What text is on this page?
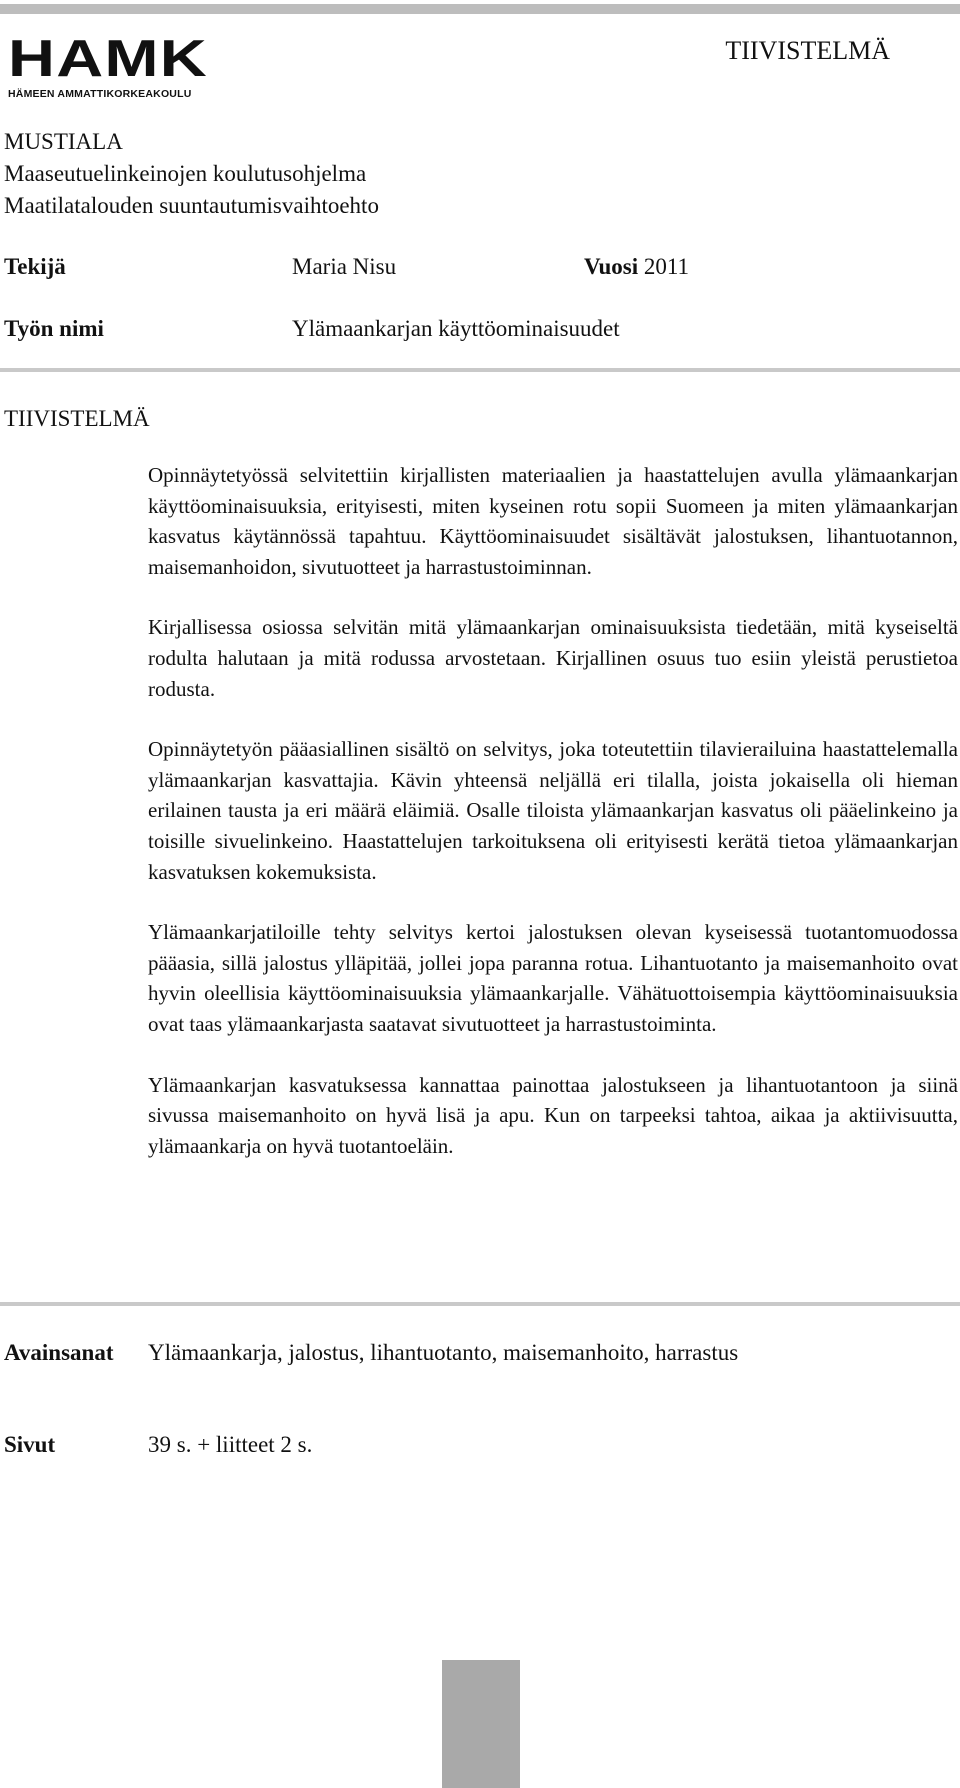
HAMK
HÄMEEN AMMATTIKORKEAKOULU
TIIVISTELMÄ
MUSTIALA
Maaseutuelinkeinojen koulutusohjelma
Maatilatalouden suuntautumisvaihtoehto
Tekijä	Maria Nisu	Vuosi 2011
Työn nimi	Ylämaankarjan käyttöominaisuudet
TIIVISTELMÄ

Opinnäytetyössä selvitettiin kirjallisten materiaalien ja haastattelujen avulla ylämaankarjan käyttöominaisuuksia, erityisesti, miten kyseinen rotu sopii Suomeen ja miten ylämaankarjan kasvatus käytännössä tapahtuu. Käyttöominaisuudet sisältävät jalostuksen, lihantuotannon, maisemanhoidon, sivutuotteet ja harrastustoiminnan.

Kirjallisessa osiossa selvitän mitä ylämaankarjan ominaisuuksista tiedetään, mitä kyseiseltä rodulta halutaan ja mitä rodussa arvostetaan. Kirjallinen osuus tuo esiin yleistä perustietoa rodusta.

Opinnäytetyön pääasiallinen sisältö on selvitys, joka toteutettiin tilavierailuina haastattelemalla ylämaankarjan kasvattajia. Kävin yhteensä neljällä eri tilalla, joista jokaisella oli hieman erilainen tausta ja eri määrä eläimiä. Osalle tiloista ylämaankarjan kasvatus oli pääelinkeino ja toisille sivuelinkeino. Haastattelujen tarkoituksena oli erityisesti kerätä tietoa ylämaankarjan kasvatuksen kokemuksista.

Ylämaankarjatiloille tehty selvitys kertoi jalostuksen olevan kyseisessä tuotantomuodossa pääasia, sillä jalostus ylläpitää, jollei jopa paranna rotua. Lihantuotanto ja maisemanhoito ovat hyvin oleellisia käyttöominaisuuksia ylämaankarjalle. Vähätuottoisempia käyttöominaisuuksia ovat taas ylämaankarjasta saatavat sivutuotteet ja harrastustoiminta.

Ylämaankarjan kasvatuksessa kannattaa painottaa jalostukseen ja lihantuotantoon ja siinä sivussa maisemanhoito on hyvä lisä ja apu. Kun on tarpeeksi tahtoa, aikaa ja aktiivisuutta, ylämaankarja on hyvä tuotantoeläin.

Avainsanat Ylämaankarja, jalostus, lihantuotanto, maisemanhoito, harrastus
Sivut	39 s. + liitteet 2 s.
